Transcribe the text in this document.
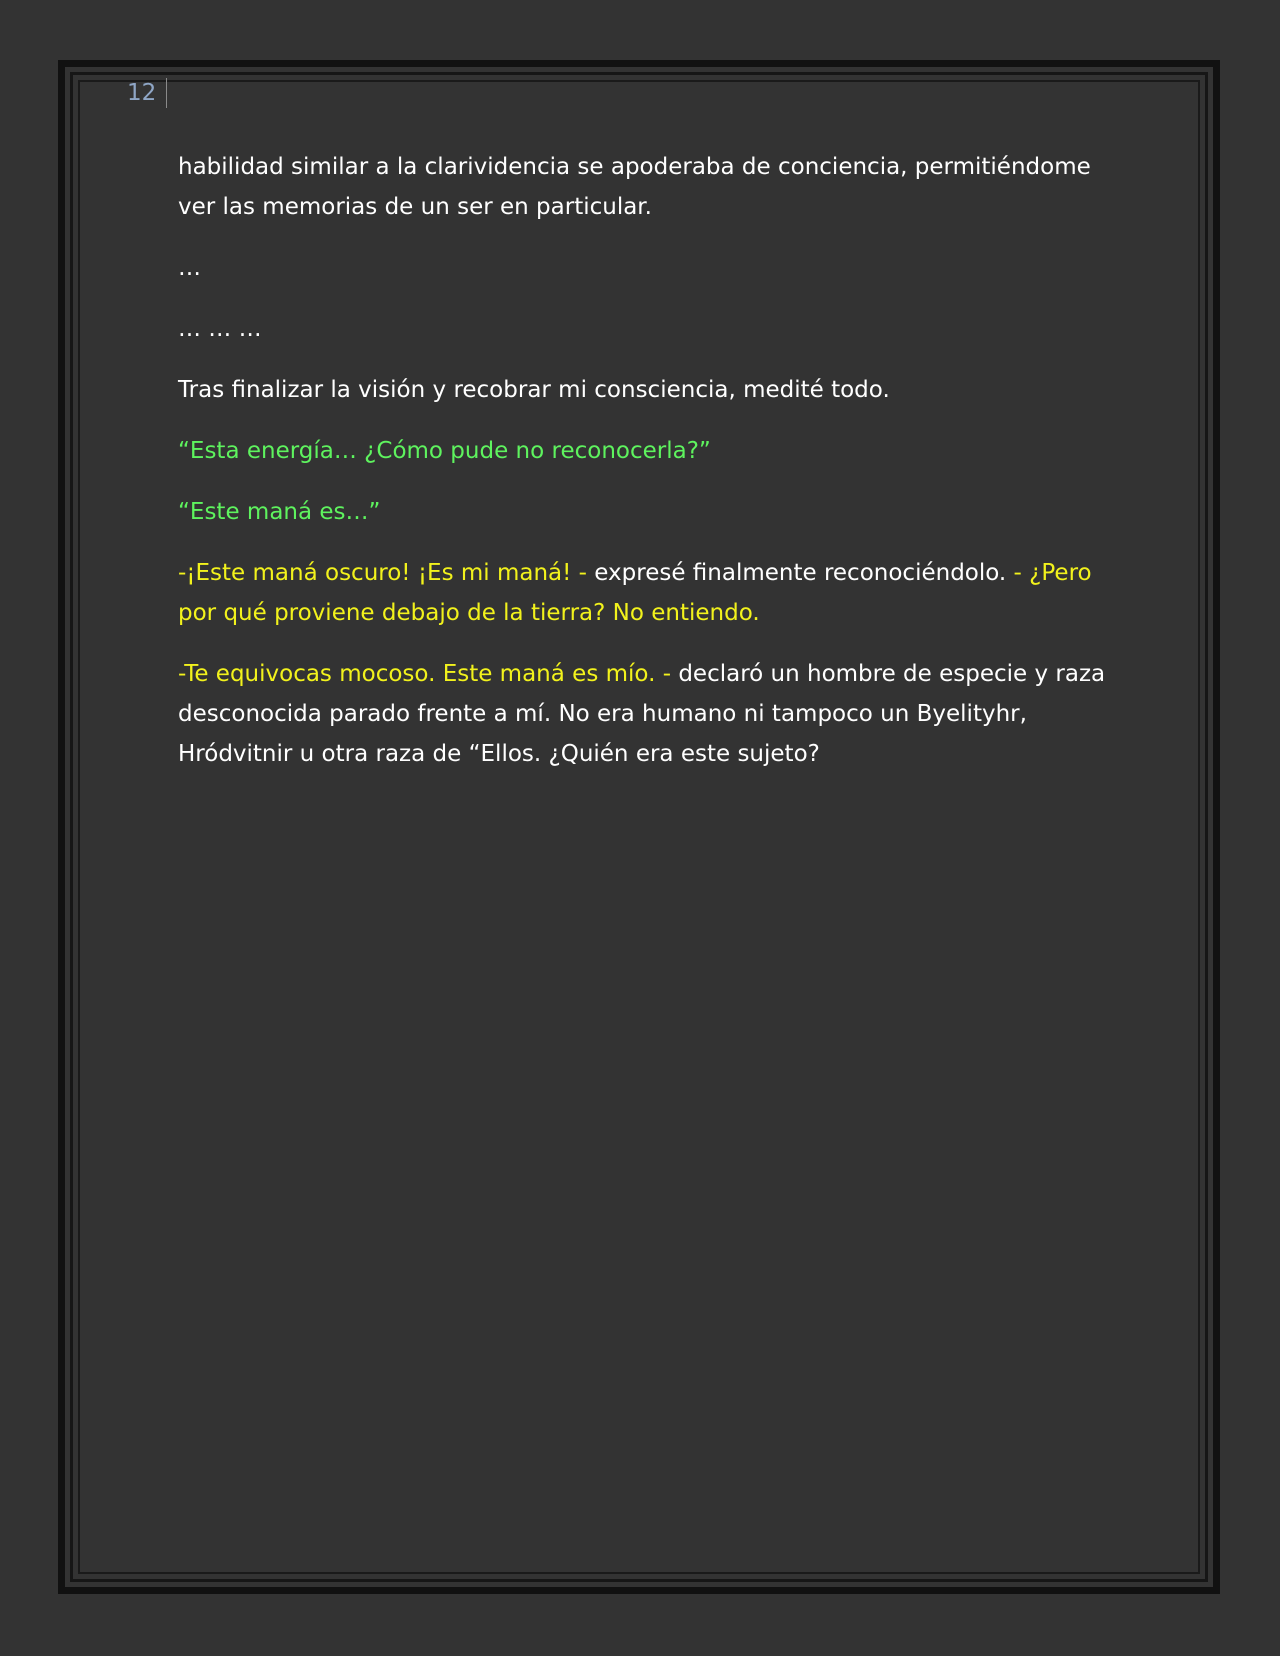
12

habilidad similar a la clarividencia se apoderaba de conciencia, permitiéndome ver las memorias de un ser en particular.

…

… … …

Tras finalizar la visión y recobrar mi consciencia, medité todo.

“Esta energía… ¿Cómo pude no reconocerla?”

“Este maná es…”

-¡Este maná oscuro! ¡Es mi maná! - expresé finalmente reconociéndolo. - ¿Pero por qué proviene debajo de la tierra? No entiendo.

-Te equivocas mocoso. Este maná es mío. - declaró un hombre de especie y raza desconocida parado frente a mí. No era humano ni tampoco un Byelityhr, Hródvitnir u otra raza de “Ellos. ¿Quién era este sujeto?
